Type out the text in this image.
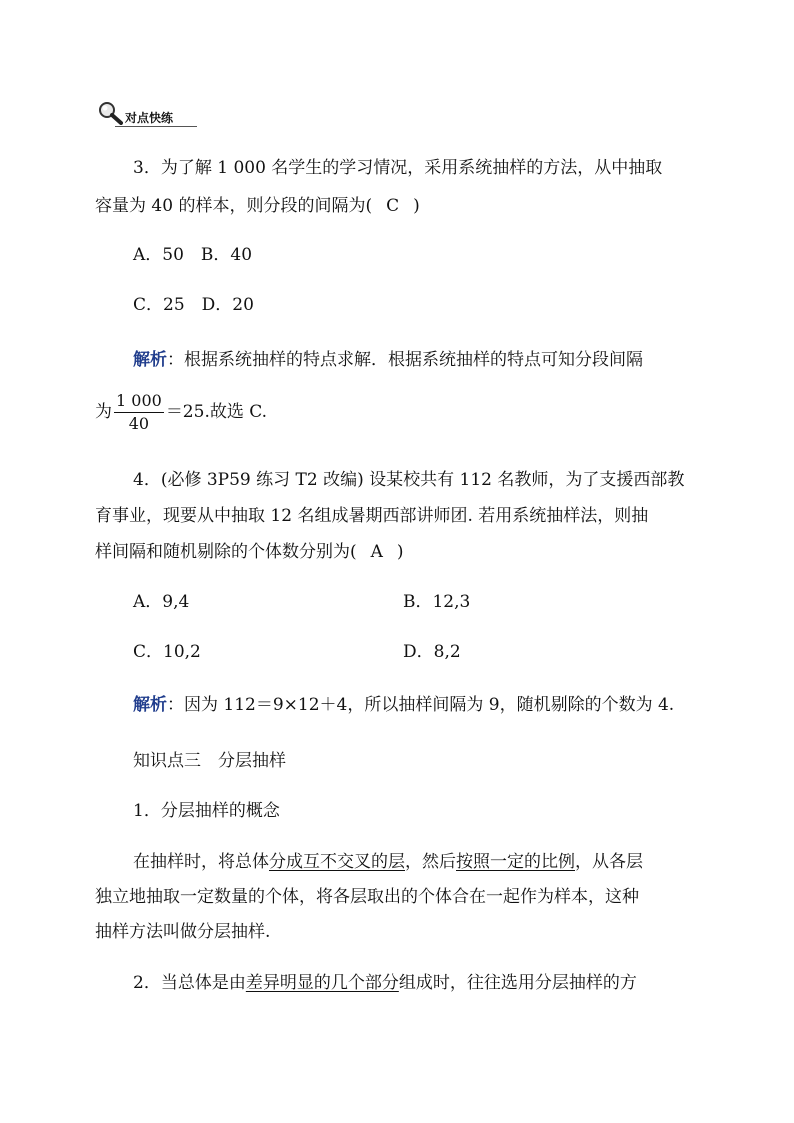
对点快练
3．为了解 1 000 名学生的学习情况，采用系统抽样的方法，从中抽取
容量为 40 的样本，则分段的间隔为( C )
A．50　B．40
C．25　D．20
解析：根据系统抽样的特点求解．根据系统抽样的特点可知分段间隔
为 $\frac{1 000}{40} =25$.故选 C.
4．(必修 3P59 练习 T2 改编) 设某校共有 112 名教师，为了支援西部教
育事业，现要从中抽取 12 名组成暑期西部讲师团. 若用系统抽样法，则抽
样间隔和随机剔除的个体数分别为( A )
A．9,4	B．12,3
C．10,2	D．8,2
解析：因为 112＝9×12＋4，所以抽样间隔为 9，随机剔除的个数为 4.
知识点三　分层抽样
1．分层抽样的概念
在抽样时，将总体分成互不交叉的层，然后按照一定的比例，从各层
独立地抽取一定数量的个体，将各层取出的个体合在一起作为样本，这种
抽样方法叫做分层抽样.
2．当总体是由差异明显的几个部分组成时，往往选用分层抽样的方
